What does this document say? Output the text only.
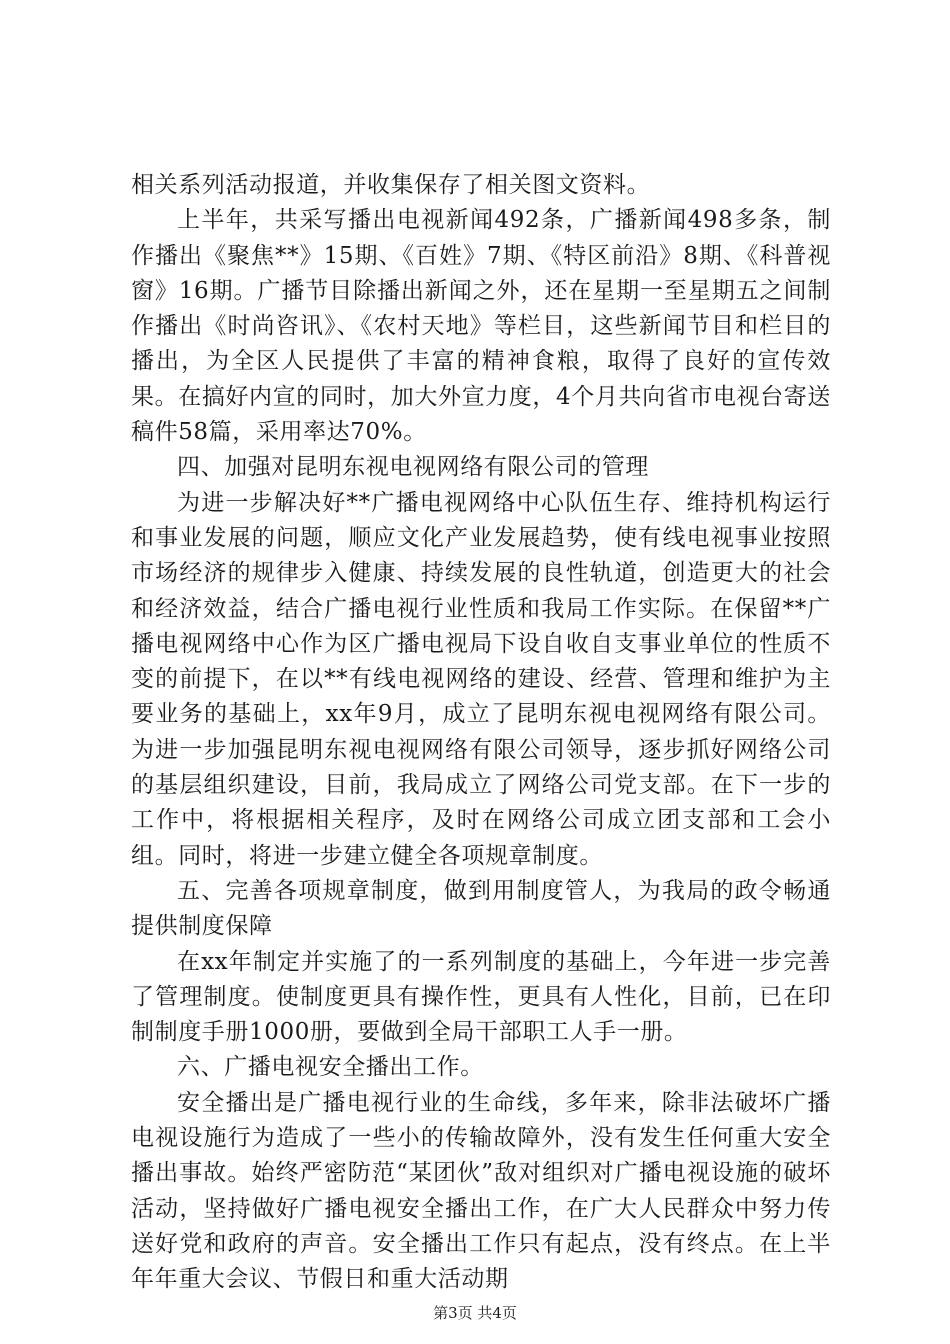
相关系列活动报道，并收集保存了相关图文资料。

上半年，共采写播出电视新闻492条，广播新闻498多条，制作播出《聚焦**》15期、《百姓》7期、《特区前沿》8期、《科普视窗》16期。广播节目除播出新闻之外，还在星期一至星期五之间制作播出《时尚咨讯》、《农村天地》等栏目，这些新闻节目和栏目的播出，为全区人民提供了丰富的精神食粮，取得了良好的宣传效果。在搞好内宣的同时，加大外宣力度，4个月共向省市电视台寄送稿件58篇，采用率达70%。

四、加强对昆明东视电视网络有限公司的管理

为进一步解决好**广播电视网络中心队伍生存、维持机构运行和事业发展的问题，顺应文化产业发展趋势，使有线电视事业按照市场经济的规律步入健康、持续发展的良性轨道，创造更大的社会和经济效益，结合广播电视行业性质和我局工作实际。在保留**广播电视网络中心作为区广播电视局下设自收自支事业单位的性质不变的前提下，在以**有线电视网络的建设、经营、管理和维护为主要业务的基础上，xx年9月，成立了昆明东视电视网络有限公司。为进一步加强昆明东视电视网络有限公司领导，逐步抓好网络公司的基层组织建设，目前，我局成立了网络公司党支部。在下一步的工作中，将根据相关程序，及时在网络公司成立团支部和工会小组。同时，将进一步建立健全各项规章制度。

五、完善各项规章制度，做到用制度管人，为我局的政令畅通提供制度保障

在xx年制定并实施了的一系列制度的基础上，今年进一步完善了管理制度。使制度更具有操作性，更具有人性化，目前，已在印制制度手册1000册，要做到全局干部职工人手一册。

六、广播电视安全播出工作。

安全播出是广播电视行业的生命线，多年来，除非法破坏广播电视设施行为造成了一些小的传输故障外，没有发生任何重大安全播出事故。始终严密防范“某团伙”敌对组织对广播电视设施的破坏活动，坚持做好广播电视安全播出工作，在广大人民群众中努力传送好党和政府的声音。安全播出工作只有起点，没有终点。在上半年年重大会议、节假日和重大活动期

第3页 共4页
